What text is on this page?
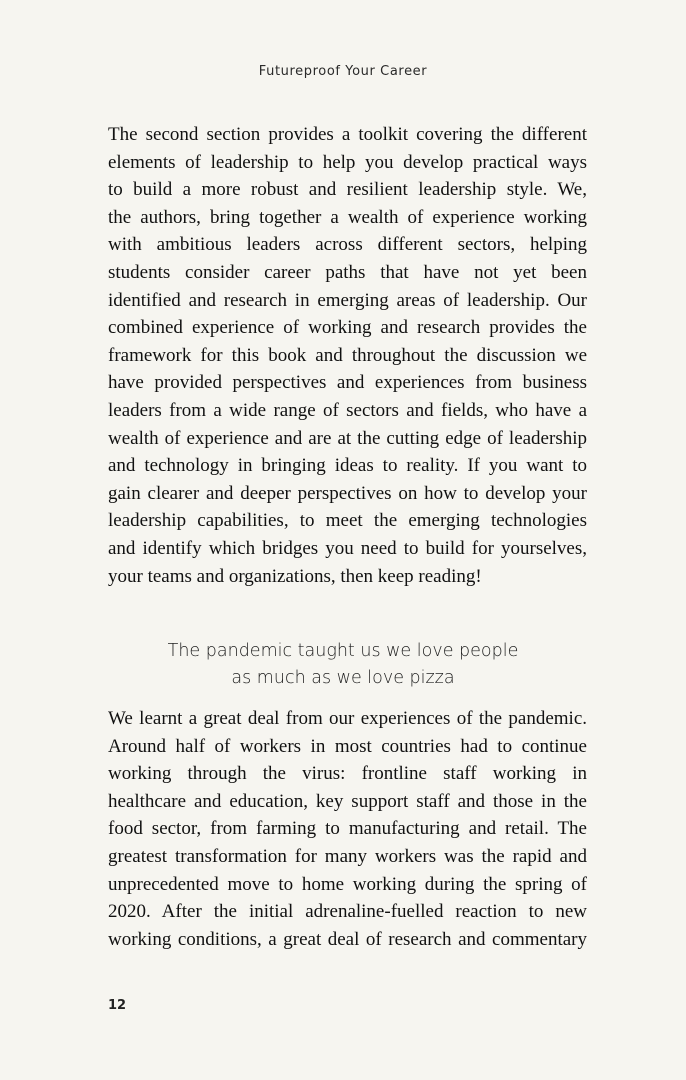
Futureproof Your Career
The second section provides a toolkit covering the different
elements of leadership to help you develop practical ways
to build a more robust and resilient leadership style. We,
the authors, bring together a wealth of experience working
with ambitious leaders across different sectors, helping
students consider career paths that have not yet been
identified and research in emerging areas of leadership. Our
combined experience of working and research provides the
framework for this book and throughout the discussion we
have provided perspectives and experiences from business
leaders from a wide range of sectors and fields, who have a
wealth of experience and are at the cutting edge of leadership
and technology in bringing ideas to reality. If you want to
gain clearer and deeper perspectives on how to develop your
leadership capabilities, to meet the emerging technologies
and identify which bridges you need to build for yourselves,
your teams and organizations, then keep reading!
The pandemic taught us we love people
as much as we love pizza
We learnt a great deal from our experiences of the pandemic.
Around half of workers in most countries had to continue
working through the virus: frontline staff working in
healthcare and education, key support staff and those in the
food sector, from farming to manufacturing and retail. The
greatest transformation for many workers was the rapid and
unprecedented move to home working during the spring of
2020. After the initial adrenaline-fuelled reaction to new
working conditions, a great deal of research and commentary
12
